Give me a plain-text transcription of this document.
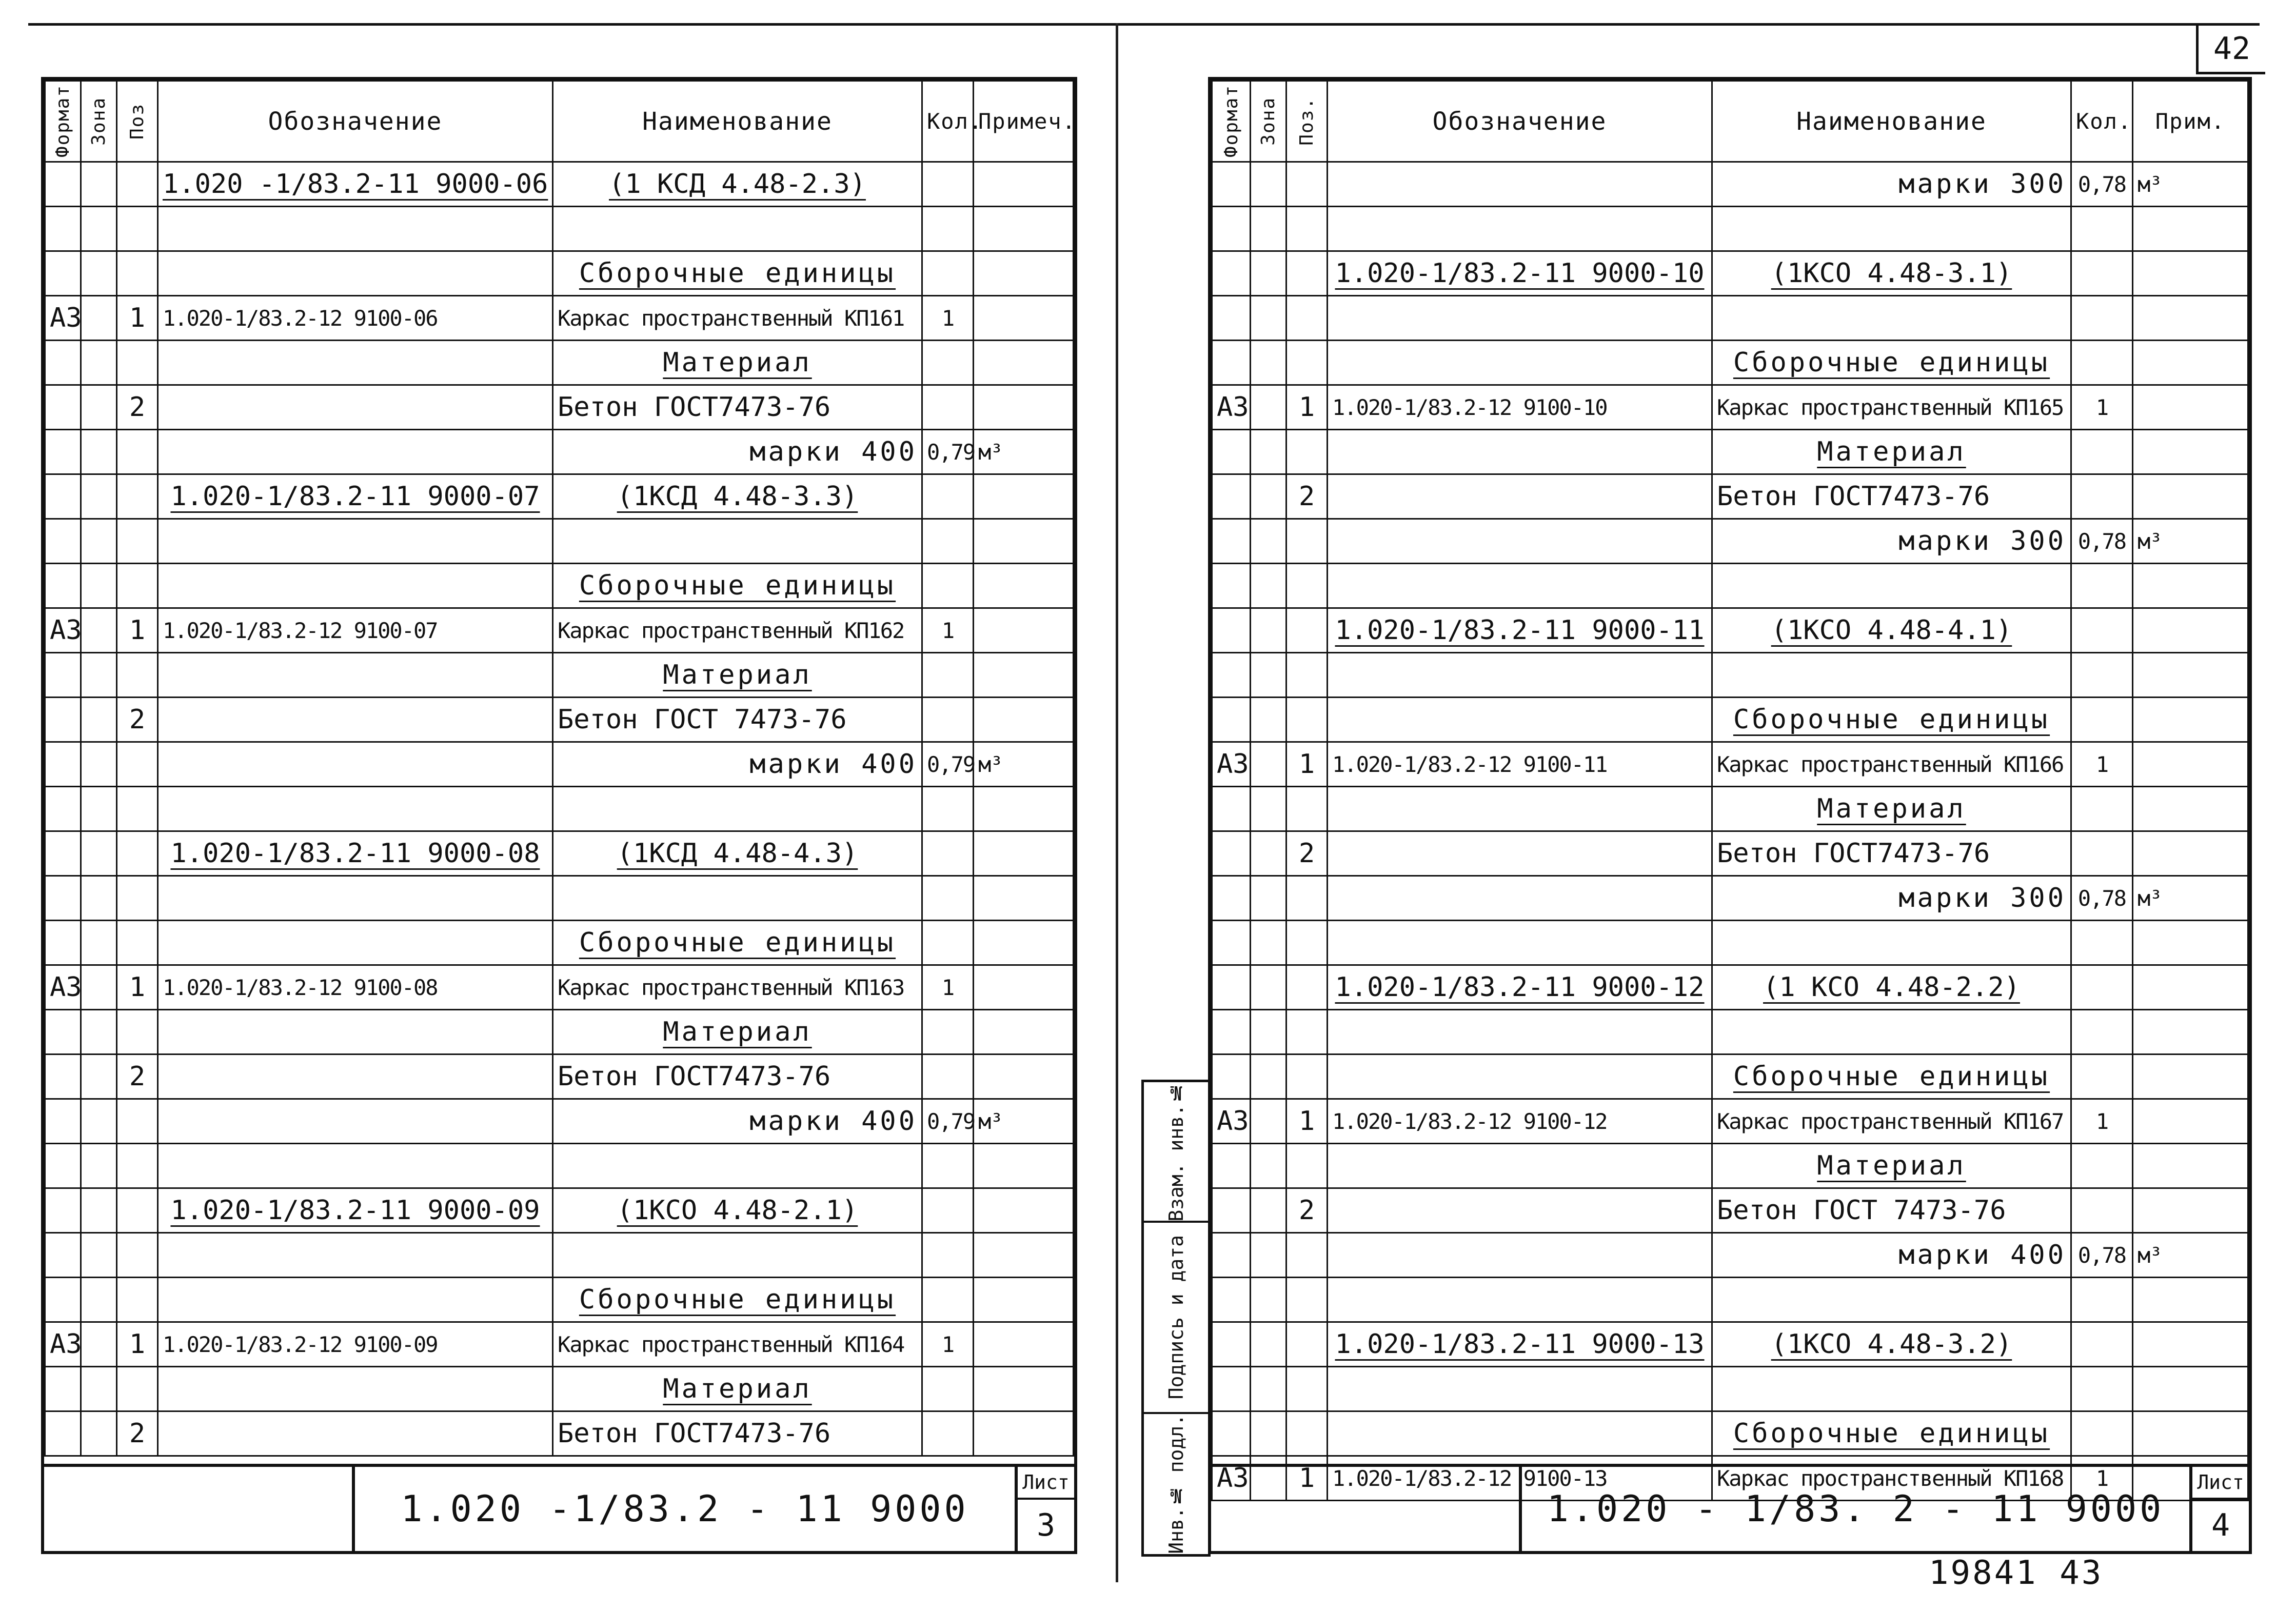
42
Формат	Зона	Поз	Обозначение	Наименование	Кол.	Примеч.
			1.020 -1/83.2-11 9000-06	(1 КСД 4.48-2.3)		

				Сборочные единицы		
А3		1	1.020-1/83.2-12 9100-06	Каркас пространственный КП161	1	
				Материал		
		2		Бетон ГОСТ7473-76		
				марки 400	0,79	м³
			1.020-1/83.2-11 9000-07	(1КСД 4.48-3.3)		

				Сборочные единицы		
А3		1	1.020-1/83.2-12 9100-07	Каркас пространственный КП162	1	
				Материал		
		2		Бетон ГОСТ 7473-76		
				марки 400	0,79	м³

			1.020-1/83.2-11 9000-08	(1КСД 4.48-4.3)		

				Сборочные единицы		
А3		1	1.020-1/83.2-12 9100-08	Каркас пространственный КП163	1	
				Материал		
		2		Бетон ГОСТ7473-76		
				марки 400	0,79	м³

			1.020-1/83.2-11 9000-09	(1КСО 4.48-2.1)		

				Сборочные единицы		
А3		1	1.020-1/83.2-12 9100-09	Каркас пространственный КП164	1	
				Материал		
		2		Бетон ГОСТ7473-76		
1.020 -1/83.2 - 11 9000
Лист
3
Взам. инв.№
Подпись и дата
Инв.№ подл.
Формат	Зона	Поз.	Обозначение	Наименование	Кол.	Прим.
				марки 300	0,78	м³

			1.020-1/83.2-11 9000-10	(1КСО 4.48-3.1)		

				Сборочные единицы		
А3		1	1.020-1/83.2-12 9100-10	Каркас пространственный КП165	1	
				Материал		
		2		Бетон ГОСТ7473-76		
				марки 300	0,78	м³

			1.020-1/83.2-11 9000-11	(1КСО 4.48-4.1)		

				Сборочные единицы		
А3		1	1.020-1/83.2-12 9100-11	Каркас пространственный КП166	1	
				Материал		
		2		Бетон ГОСТ7473-76		
				марки 300	0,78	м³

			1.020-1/83.2-11 9000-12	(1 КСО 4.48-2.2)		

				Сборочные единицы		
А3		1	1.020-1/83.2-12 9100-12	Каркас пространственный КП167	1	
				Материал		
		2		Бетон ГОСТ 7473-76		
				марки 400	0,78	м³

			1.020-1/83.2-11 9000-13	(1КСО 4.48-3.2)		

				Сборочные единицы		
А3		1	1.020-1/83.2-12 9100-13	Каркас пространственный КП168	1	
1.020 - 1/83. 2 - 11 9000
Лист
4
19841 43
